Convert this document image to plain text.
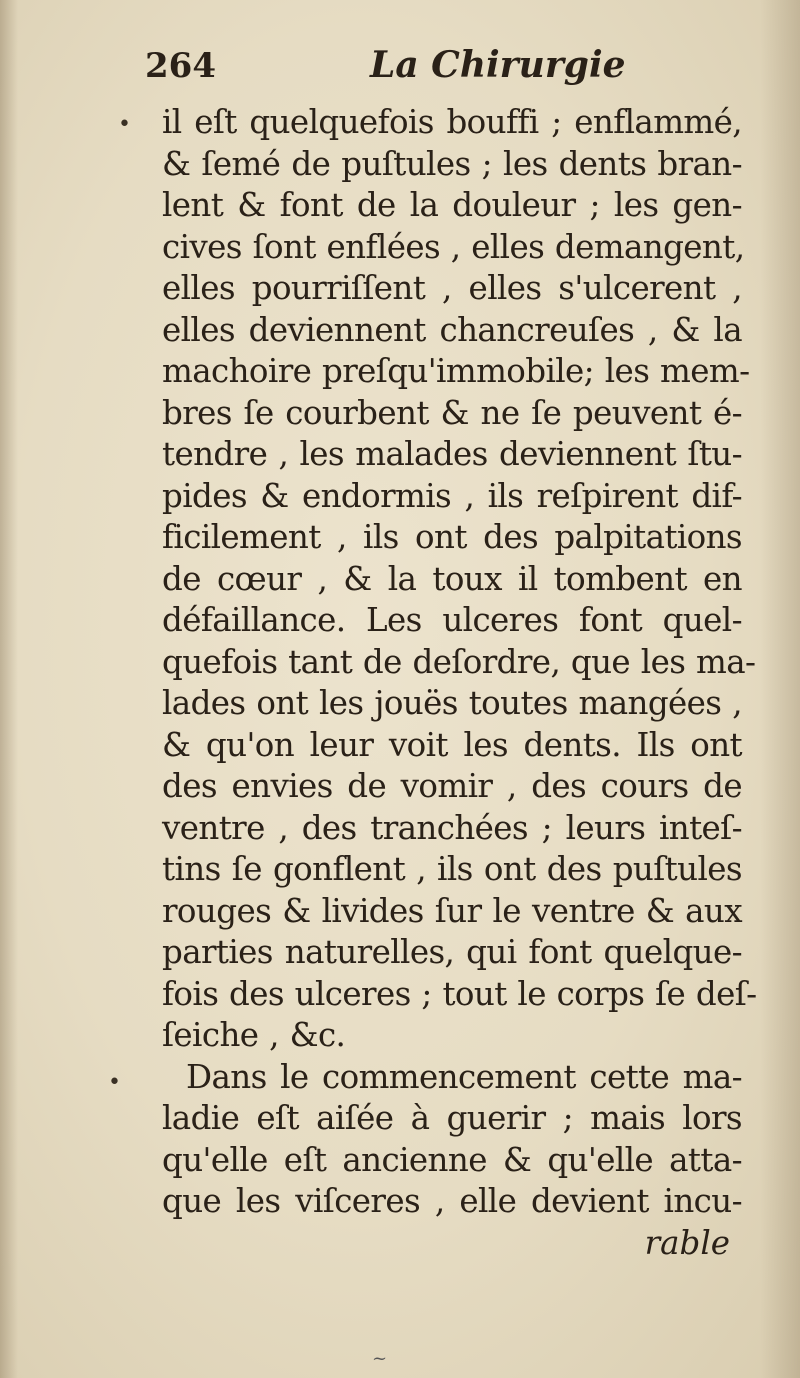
264	La Chirurgie
•
•
il eſt quelquefois bouffi ; enflammé,
& ſemé de puſtules ; les dents bran-
lent & font de la douleur ; les gen-
cives ſont enflées , elles demangent,
elles pourriſſent , elles s'ulcerent ,
elles deviennent chancreuſes , & la
machoire preſqu'immobile; les mem-
bres ſe courbent & ne ſe peuvent é-
tendre , les malades deviennent ſtu-
pides & endormis , ils reſpirent dif-
ficilement , ils ont des palpitations
de cœur , & la toux il tombent en
défaillance. Les ulceres font quel-
quefois tant de deſordre, que les ma-
lades ont les jouës toutes mangées ,
& qu'on leur voit les dents. Ils ont
des envies de vomir , des cours de
ventre , des tranchées ; leurs inteſ-
tins ſe gonflent , ils ont des puſtules
rouges & livides ſur le ventre & aux
parties naturelles, qui font quelque-
fois des ulceres ; tout le corps ſe deſ-
ſeiche , &c.
Dans le commencement cette ma-
ladie eſt aiſée à guerir ; mais lors
qu'elle eſt ancienne & qu'elle atta-
que les viſceres , elle devient incu-
rable
~
